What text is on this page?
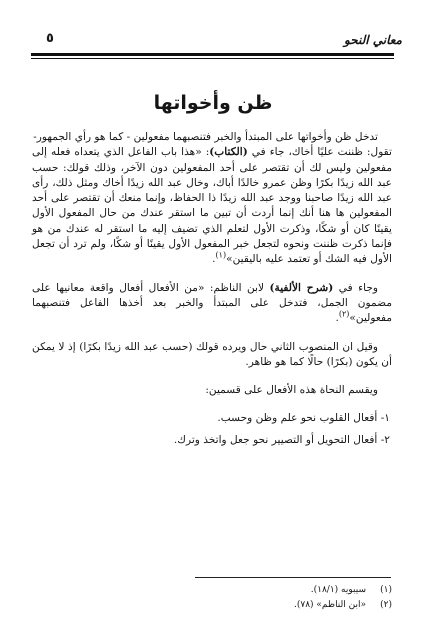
معاني النحو
٥
ظن وأخواتها

تدخل ظن وأخواتها على المبتدأ والخبر فتنصبهما مفعولين - كما هو رأي الجمهور-

تقول: ظننت عليًا أخاك، جاء في (الكتاب): «هذا باب الفاعل الذي يتعداه فعله إلى مفعولين وليس لك أن تقتصر على أحد المفعولين دون الآخر، وذلك قولك: حسب عبد الله زيدًا بكرًا وظن عمرو خالدًا أباك، وخال عبد الله زيدًا أخاك ومثل ذلك، رأى عبد الله زيدًا صاحبنا ووجد عبد الله زيدًا ذا الحفاظ، وإنما منعك أن تقتصر على أحد المفعولين ها هنا أنك إنما أردت أن تبين ما استقر عندك من حال المفعول الأول يقينًا كان أو شكًا، وذكرت الأول لتعلم الذي تضيف إليه ما استقر له عندك من هو فإنما ذكرت ظننت ونحوه لتجعل خبر المفعول الأول يقينًا أو شكًا، ولم ترد أن تجعل الأول فيه الشك أو تعتمد عليه باليقين»$^{(١)}$.

وجاء في (شرح الألفية) لابن الناظم: «من الأفعال أفعال واقعة معانيها على مضمون الجمل، فتدخل على المبتدأ والخبر بعد أخذها الفاعل فتنصبهما مفعولين»$^{(٢)}$.

وقيل ان المنصوب الثاني حال ويرده قولك (حسب عبد الله زيدًا بكرًا) إذ لا يمكن أن يكون (بكرًا) حالًا كما هو ظاهر.

ويقسم النحاة هذه الأفعال على قسمين:

١- أفعال القلوب نحو علم وظن وحسب.

٢- أفعال التحويل أو التصيير نحو جعل واتخذ وترك.

(١)
سيبويه (١٨/١).
(٢)
«ابن الناظم» (٧٨).
